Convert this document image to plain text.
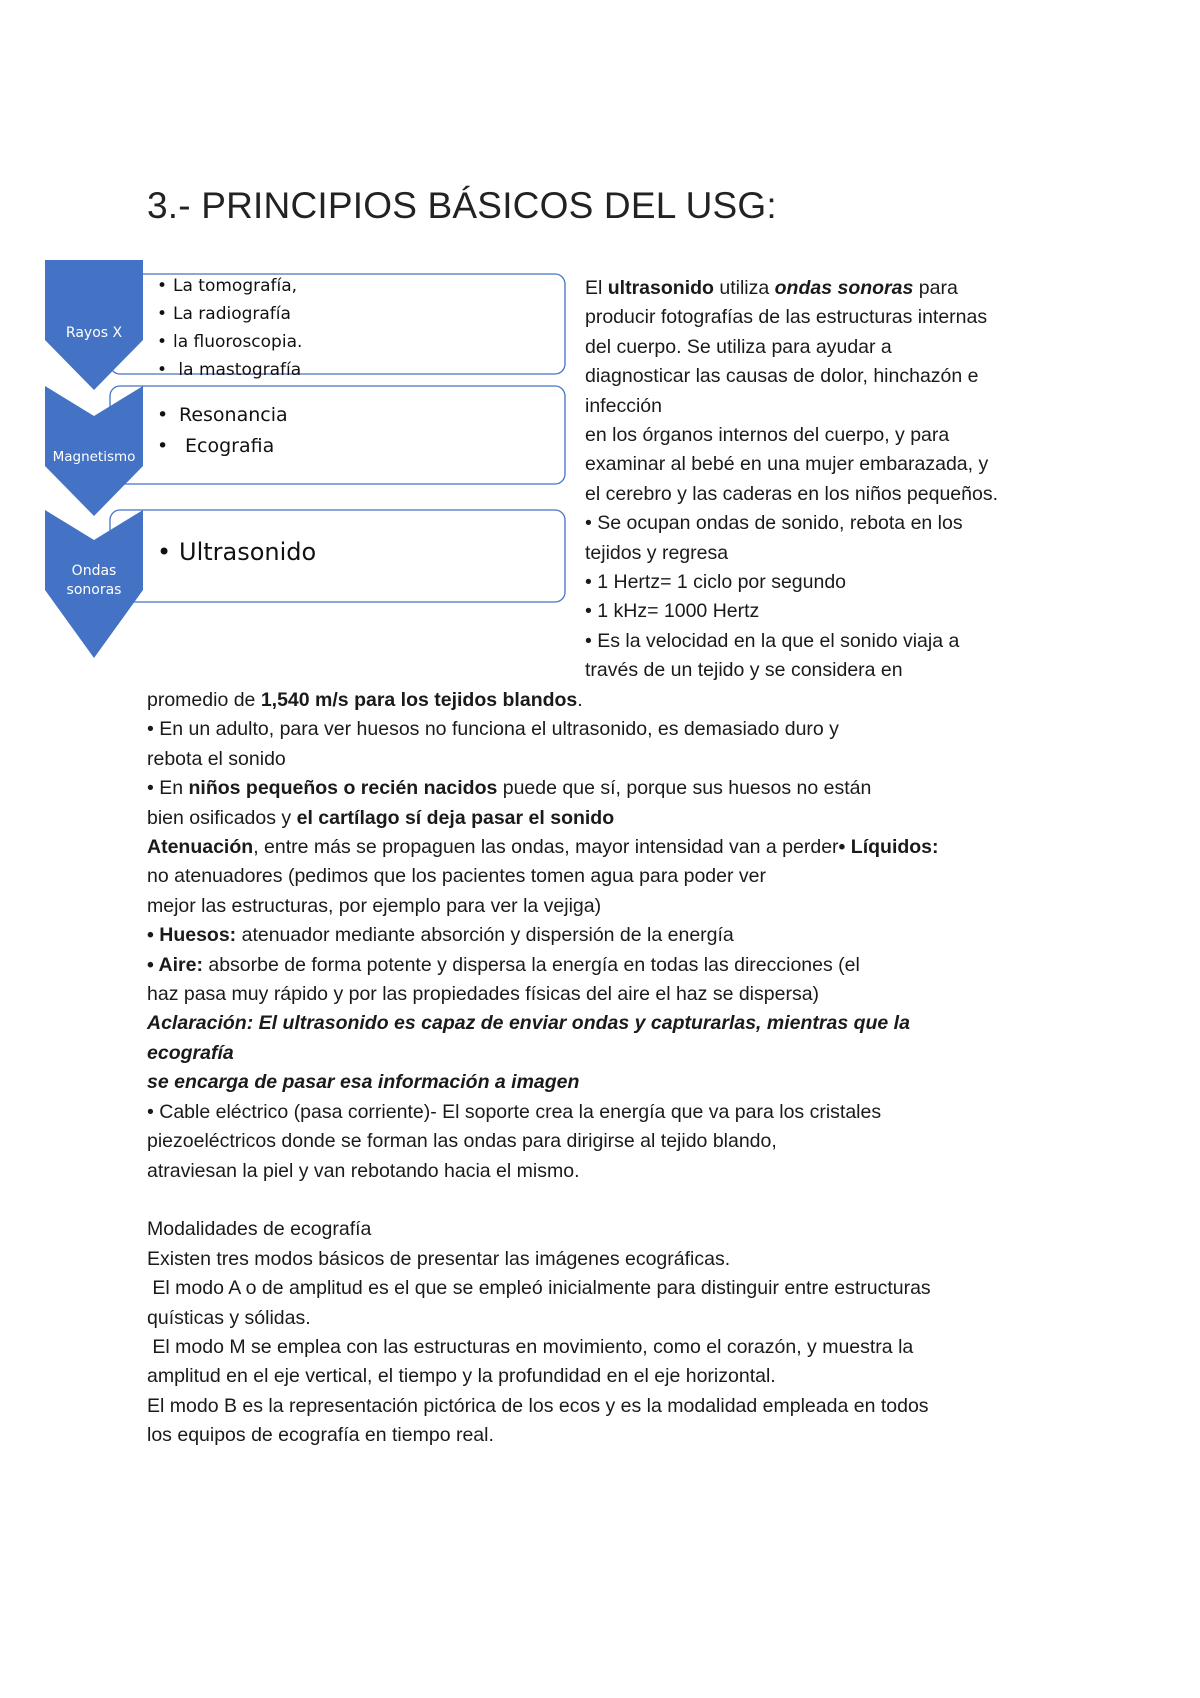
3.- PRINCIPIOS BÁSICOS DEL USG:
Rayos X
Magnetismo
Ondas
sonoras
• La tomografía,
• La radiografía
• la fluoroscopia.
•  la mastografía
• Resonancia
•  Ecografia
• Ultrasonido
El ultrasonido utiliza ondas sonoras para
producir fotografías de las estructuras internas
del cuerpo. Se utiliza para ayudar a
diagnosticar las causas de dolor, hinchazón e
infección
en los órganos internos del cuerpo, y para
examinar al bebé en una mujer embarazada, y
el cerebro y las caderas en los niños pequeños.
• Se ocupan ondas de sonido, rebota en los
tejidos y regresa
• 1 Hertz= 1 ciclo por segundo
• 1 kHz= 1000 Hertz
• Es la velocidad en la que el sonido viaja a
través de un tejido y se considera en
promedio de 1,540 m/s para los tejidos blandos.
• En un adulto, para ver huesos no funciona el ultrasonido, es demasiado duro y
rebota el sonido
• En niños pequeños o recién nacidos puede que sí, porque sus huesos no están
bien osificados y el cartílago sí deja pasar el sonido
Atenuación, entre más se propaguen las ondas, mayor intensidad van a perder• Líquidos:
no atenuadores (pedimos que los pacientes tomen agua para poder ver
mejor las estructuras, por ejemplo para ver la vejiga)
• Huesos: atenuador mediante absorción y dispersión de la energía
• Aire: absorbe de forma potente y dispersa la energía en todas las direcciones (el
haz pasa muy rápido y por las propiedades físicas del aire el haz se dispersa)
Aclaración: El ultrasonido es capaz de enviar ondas y capturarlas, mientras que la
ecografía
se encarga de pasar esa información a imagen
• Cable eléctrico (pasa corriente)- El soporte crea la energía que va para los cristales
piezoeléctricos donde se forman las ondas para dirigirse al tejido blando,
atraviesan la piel y van rebotando hacia el mismo.
Modalidades de ecografía
Existen tres modos básicos de presentar las imágenes ecográficas.
El modo A o de amplitud es el que se empleó inicialmente para distinguir entre estructuras
quísticas y sólidas.
El modo M se emplea con las estructuras en movimiento, como el corazón, y muestra la
amplitud en el eje vertical, el tiempo y la profundidad en el eje horizontal.
El modo B es la representación pictórica de los ecos y es la modalidad empleada en todos
los equipos de ecografía en tiempo real.
